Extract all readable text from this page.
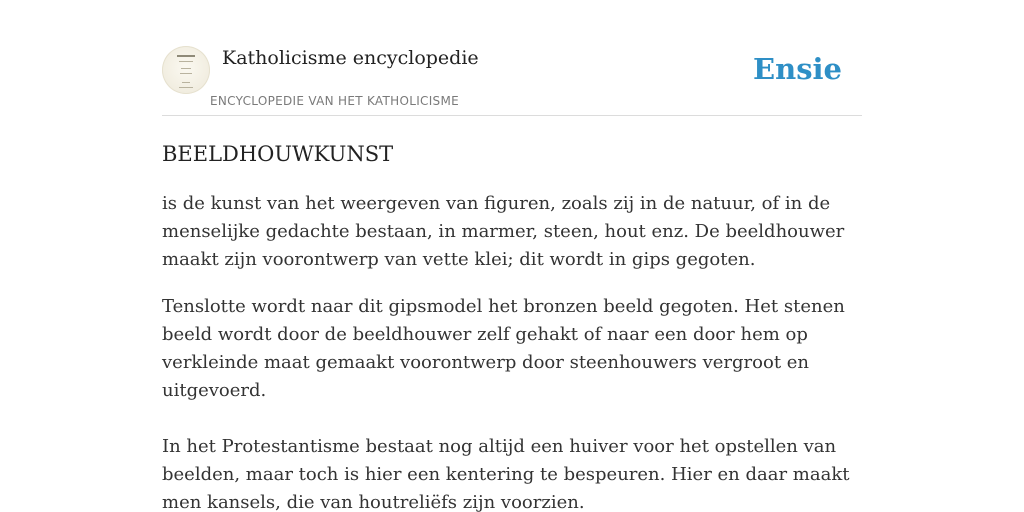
Katholicisme encyclopedie
ENCYCLOPEDIE VAN HET KATHOLICISME
Ensie
BEELDHOUWKUNST

is de kunst van het weergeven van figuren, zoals zij in de natuur, of in de menselijke gedachte bestaan, in marmer, steen, hout enz. De beeldhouwer maakt zijn voorontwerp van vette klei; dit wordt in gips gegoten.

Tenslotte wordt naar dit gipsmodel het bronzen beeld gegoten. Het stenen beeld wordt door de beeldhouwer zelf gehakt of naar een door hem op verkleinde maat gemaakt voorontwerp door steenhouwers vergroot en uitgevoerd.

In het Protestantisme bestaat nog altijd een huiver voor het opstellen van beelden, maar toch is hier een kentering te bespeuren. Hier en daar maakt men kansels, die van houtreliëfs zijn voorzien.
